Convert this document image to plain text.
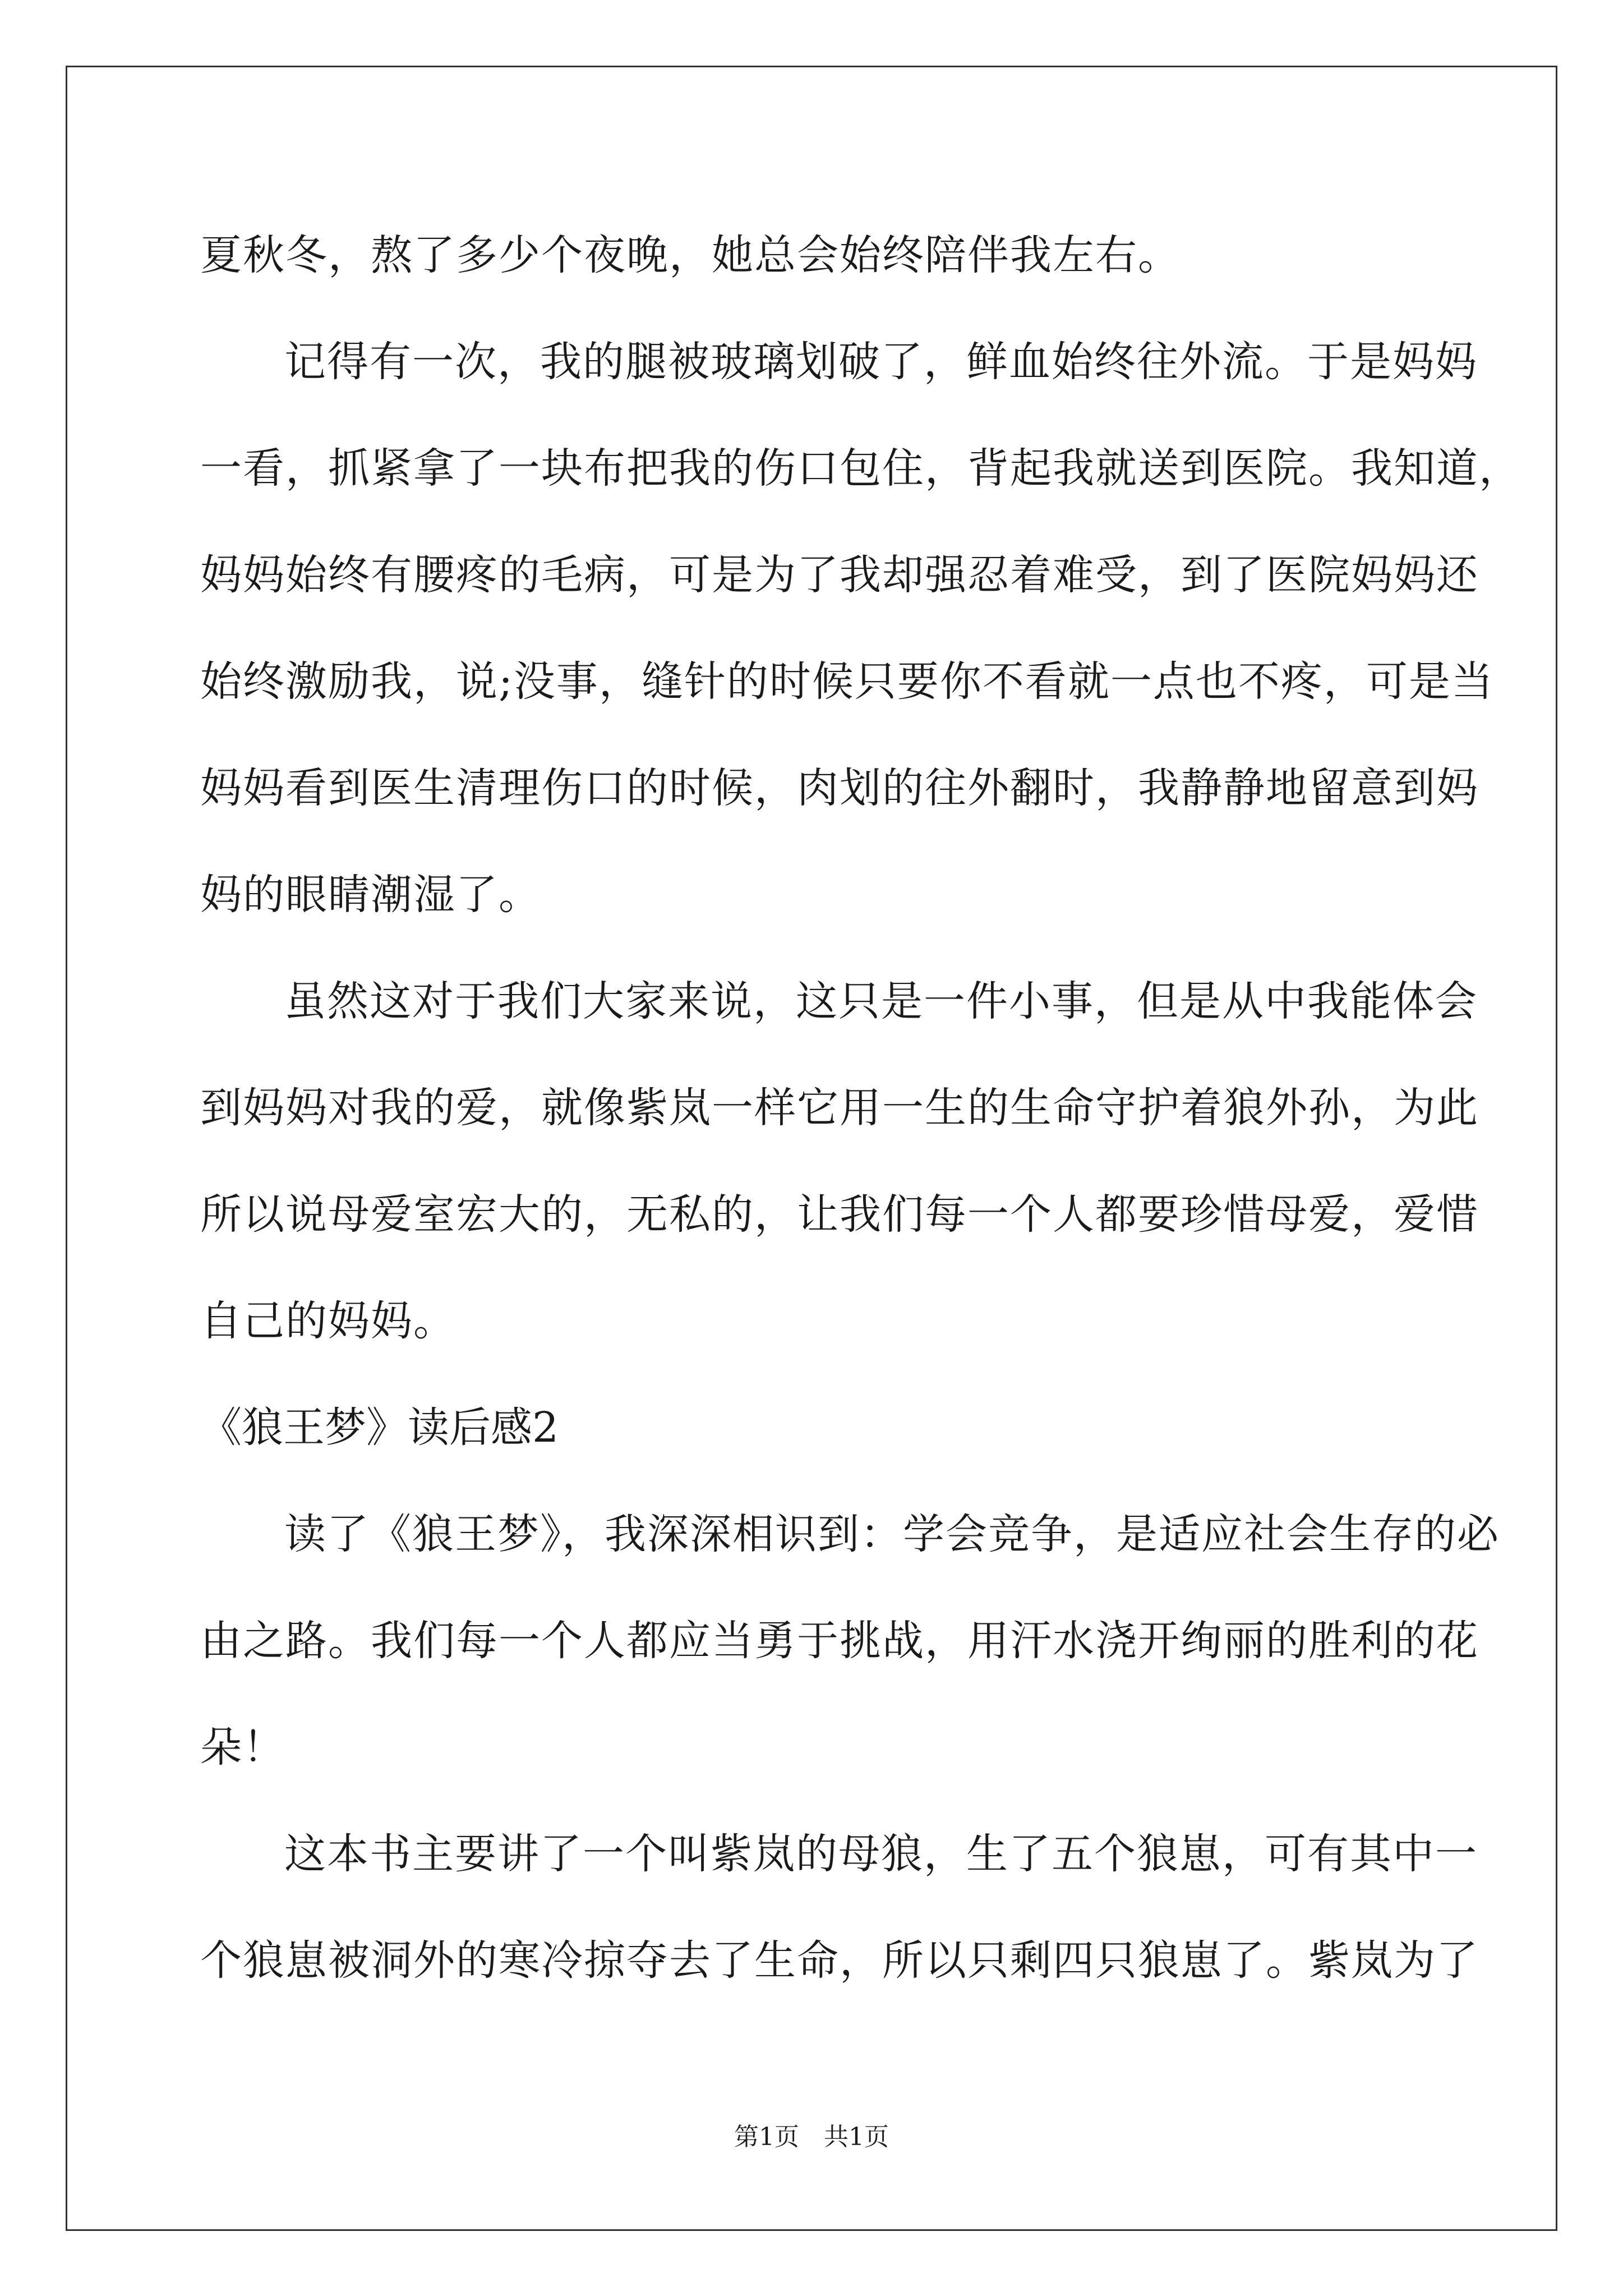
夏秋冬，熬了多少个夜晚，她总会始终陪伴我左右。
记得有一次，我的腿被玻璃划破了，鲜血始终往外流。于是妈妈
一看，抓紧拿了一块布把我的伤口包住，背起我就送到医院。我知道，
妈妈始终有腰疼的毛病，可是为了我却强忍着难受，到了医院妈妈还
始终激励我，说;没事，缝针的时候只要你不看就一点也不疼，可是当
妈妈看到医生清理伤口的时候，肉划的往外翻时，我静静地留意到妈
妈的眼睛潮湿了。
虽然这对于我们大家来说，这只是一件小事，但是从中我能体会
到妈妈对我的爱，就像紫岚一样它用一生的生命守护着狼外孙，为此
所以说母爱室宏大的，无私的，让我们每一个人都要珍惜母爱，爱惜
自己的妈妈。
《狼王梦》读后感2
读了《狼王梦》，我深深相识到：学会竞争，是适应社会生存的必
由之路。我们每一个人都应当勇于挑战，用汗水浇开绚丽的胜利的花
朵！
这本书主要讲了一个叫紫岚的母狼，生了五个狼崽，可有其中一
个狼崽被洞外的寒冷掠夺去了生命，所以只剩四只狼崽了。紫岚为了
第1页　共1页
